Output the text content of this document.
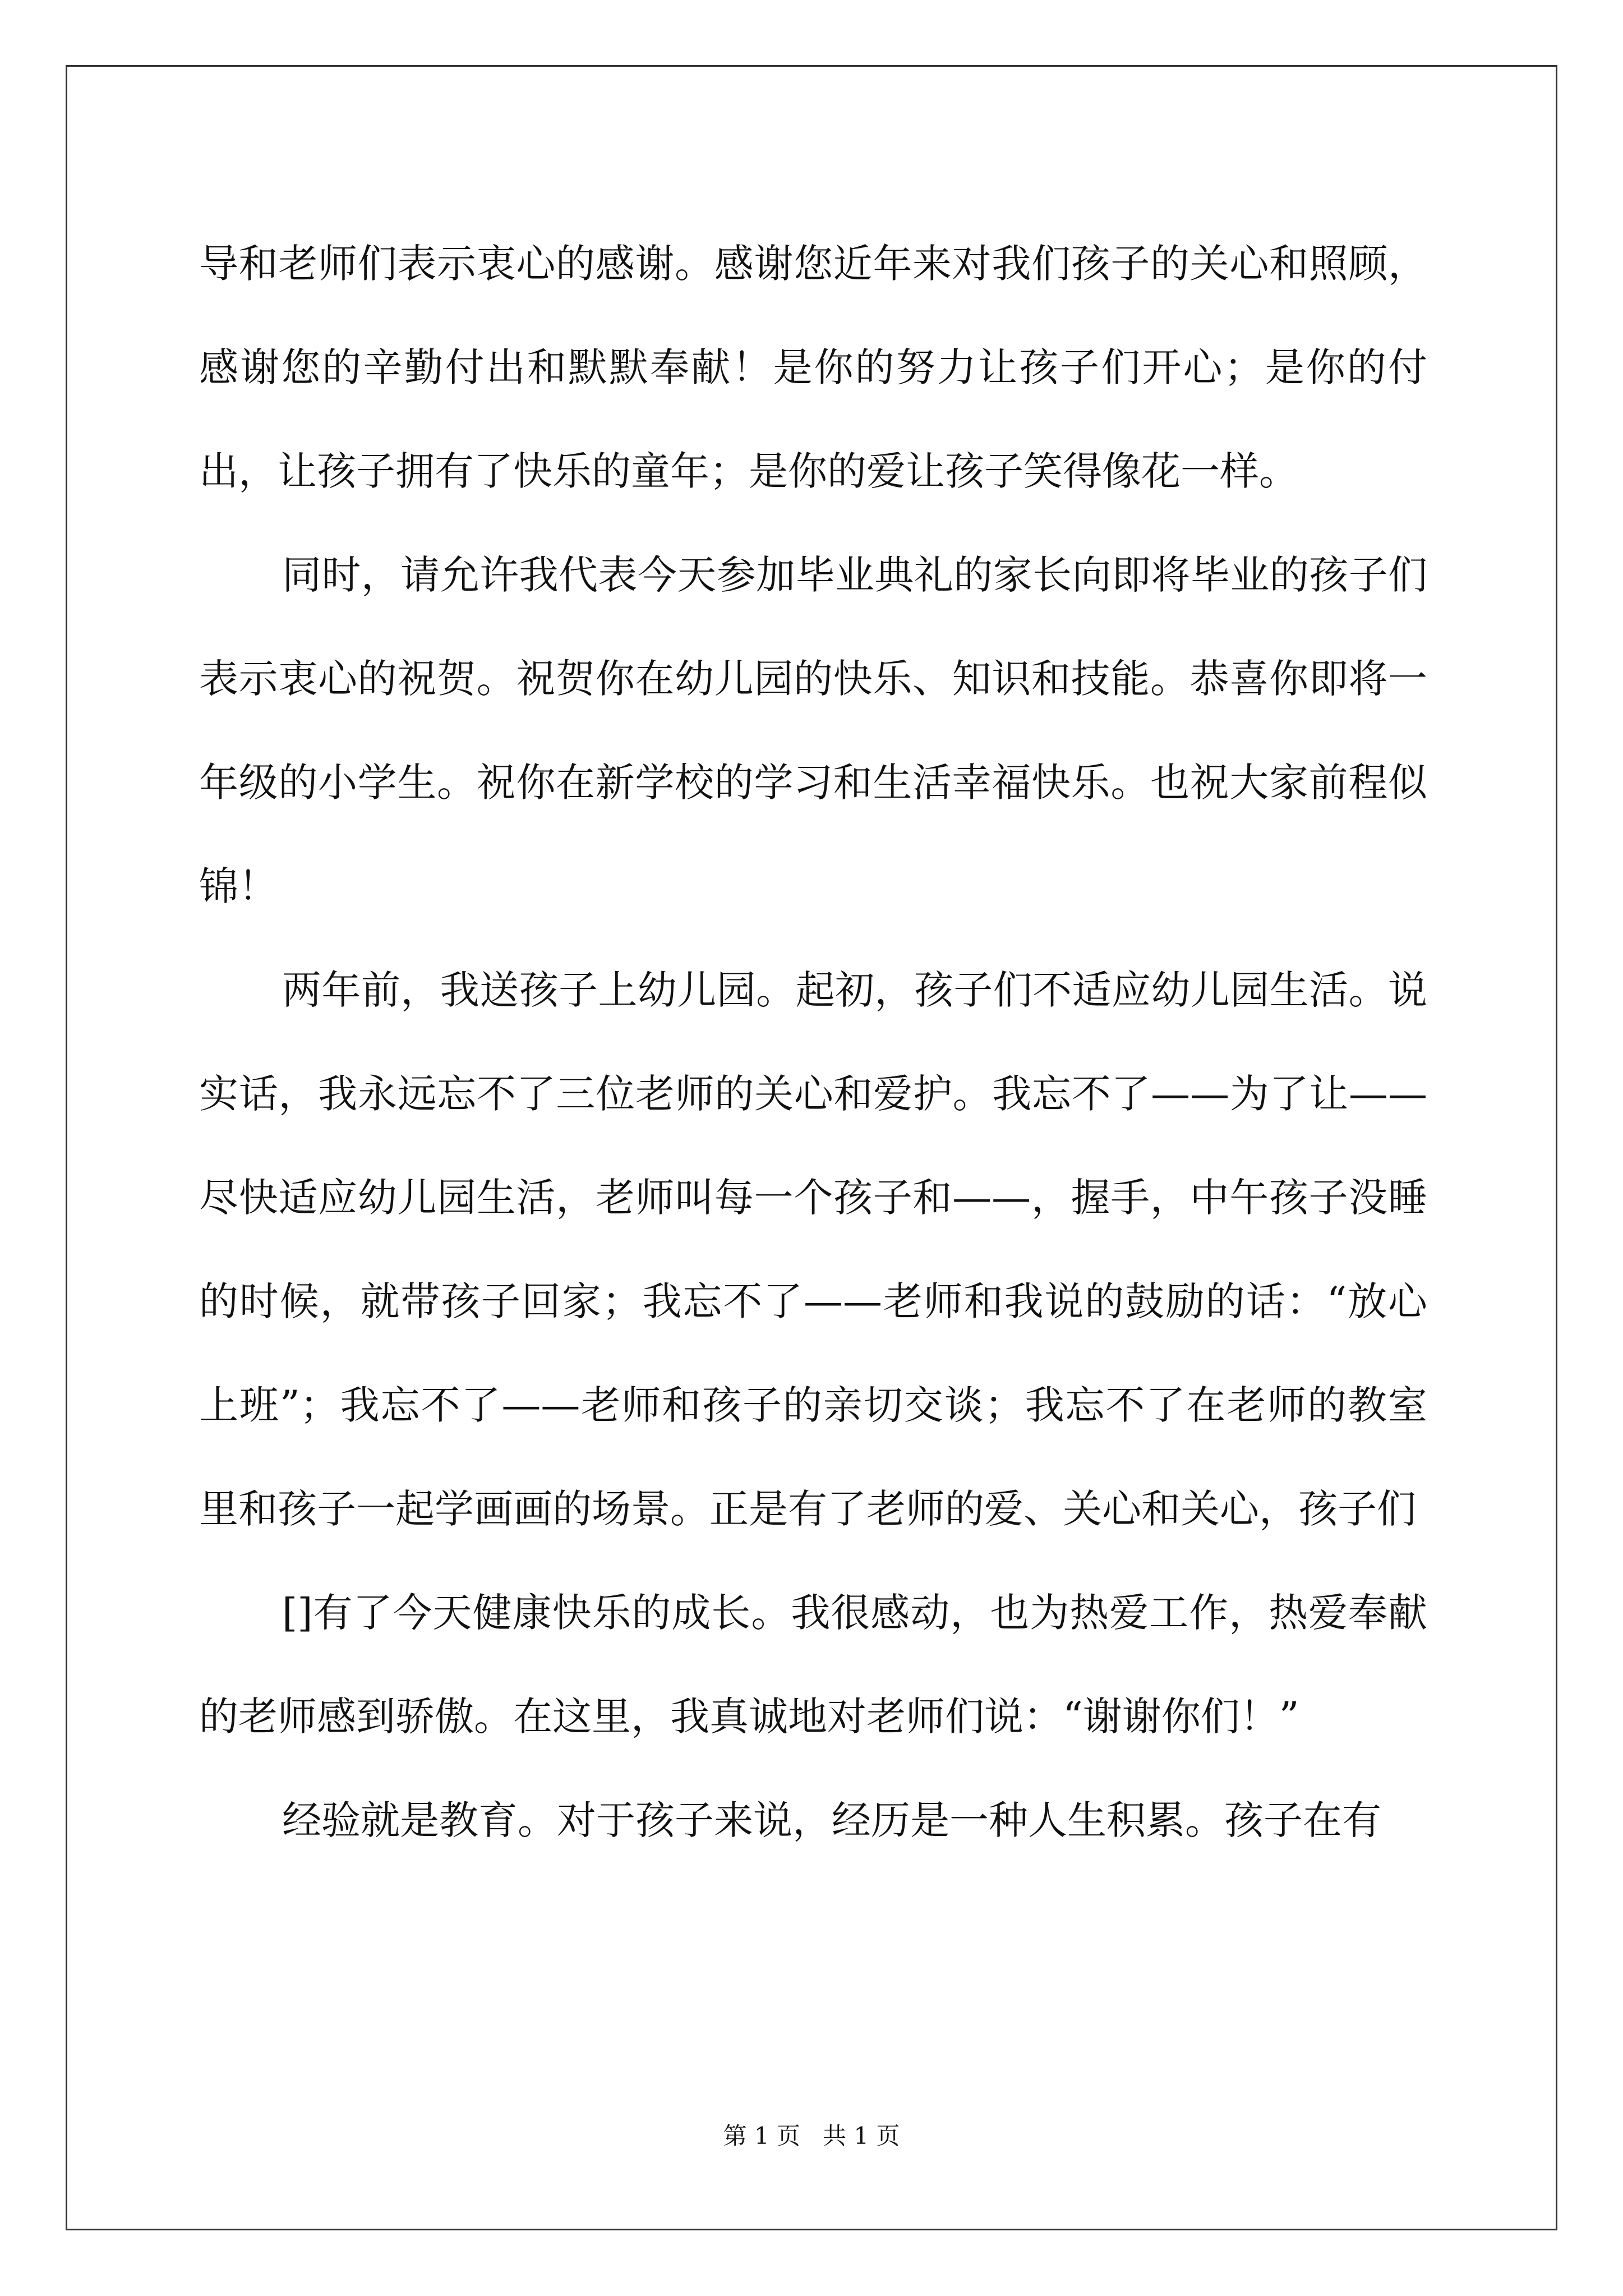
导和老师们表示衷心的感谢。感谢您近年来对我们孩子的关心和照顾，感谢您的辛勤付出和默默奉献！是你的努力让孩子们开心；是你的付出，让孩子拥有了快乐的童年；是你的爱让孩子笑得像花一样。

同时，请允许我代表今天参加毕业典礼的家长向即将毕业的孩子们表示衷心的祝贺。祝贺你在幼儿园的快乐、知识和技能。恭喜你即将一年级的小学生。祝你在新学校的学习和生活幸福快乐。也祝大家前程似锦！

两年前，我送孩子上幼儿园。起初，孩子们不适应幼儿园生活。说实话，我永远忘不了三位老师的关心和爱护。我忘不了——为了让——尽快适应幼儿园生活，老师叫每一个孩子和——，握手，中午孩子没睡的时候，就带孩子回家；我忘不了——老师和我说的鼓励的话：“放心上班”；我忘不了——老师和孩子的亲切交谈；我忘不了在老师的教室里和孩子一起学画画的场景。正是有了老师的爱、关心和关心，孩子们

[]有了今天健康快乐的成长。我很感动，也为热爱工作，热爱奉献的老师感到骄傲。在这里，我真诚地对老师们说：“谢谢你们！”

经验就是教育。对于孩子来说，经历是一种人生积累。孩子在有

第 1 页 共 1 页
